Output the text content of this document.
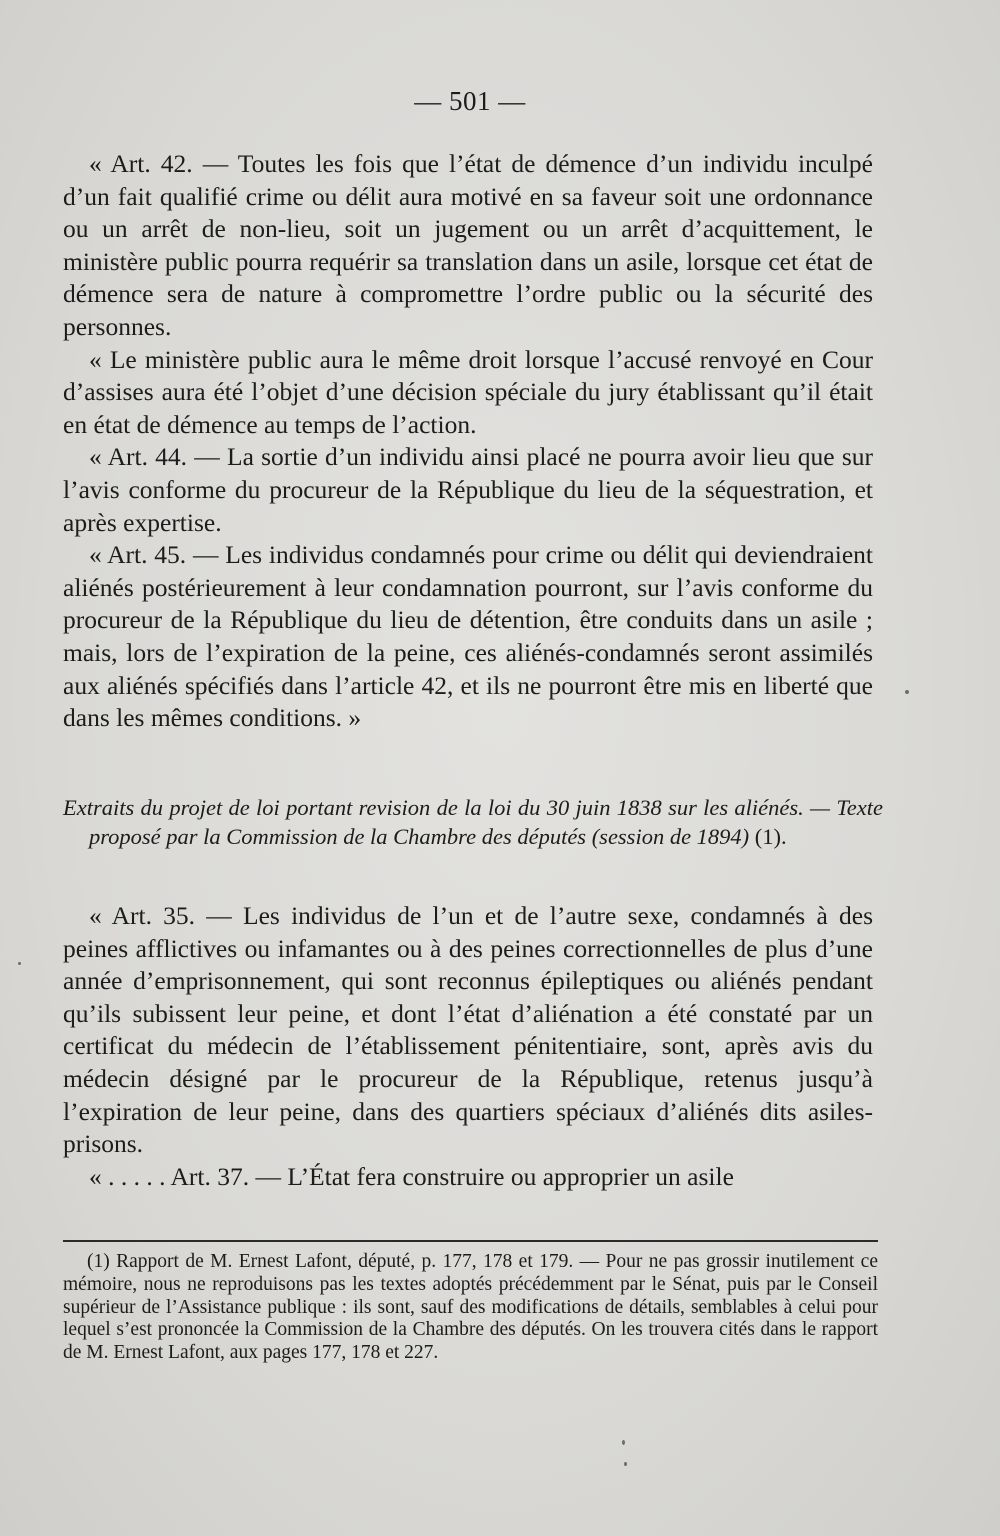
— 501 —

« Art. 42. — Toutes les fois que l’état de démence d’un individu inculpé d’un fait qualifié crime ou délit aura motivé en sa faveur soit une ordonnance ou un arrêt de non-lieu, soit un jugement ou un arrêt d’acquittement, le ministère public pourra requérir sa translation dans un asile, lorsque cet état de démence sera de nature à compromettre l’ordre public ou la sécurité des personnes.

« Le ministère public aura le même droit lorsque l’accusé renvoyé en Cour d’assises aura été l’objet d’une décision spéciale du jury établissant qu’il était en état de démence au temps de l’action.

« Art. 44. — La sortie d’un individu ainsi placé ne pourra avoir lieu que sur l’avis conforme du procureur de la République du lieu de la séquestration, et après expertise.

« Art. 45. — Les individus condamnés pour crime ou délit qui deviendraient aliénés postérieurement à leur condamnation pourront, sur l’avis conforme du procureur de la République du lieu de détention, être conduits dans un asile ; mais, lors de l’expiration de la peine, ces aliénés-condamnés seront assimilés aux aliénés spécifiés dans l’article 42, et ils ne pourront être mis en liberté que dans les mêmes conditions. »

Extraits du projet de loi portant revision de la loi du 30 juin 1838 sur les aliénés. — Texte proposé par la Commission de la Chambre des députés (session de 1894) (1).

« Art. 35. — Les individus de l’un et de l’autre sexe, condamnés à des peines afflictives ou infamantes ou à des peines correctionnelles de plus d’une année d’emprisonnement, qui sont reconnus épileptiques ou aliénés pendant qu’ils subissent leur peine, et dont l’état d’aliénation a été constaté par un certificat du médecin de l’établissement pénitentiaire, sont, après avis du médecin désigné par le procureur de la République, retenus jusqu’à l’expiration de leur peine, dans des quartiers spéciaux d’aliénés dits asiles-prisons.

« . . . . . Art. 37. — L’État fera construire ou approprier un asile

(1) Rapport de M. Ernest Lafont, député, p. 177, 178 et 179. — Pour ne pas grossir inutilement ce mémoire, nous ne reproduisons pas les textes adoptés précédemment par le Sénat, puis par le Conseil supérieur de l’Assistance publique : ils sont, sauf des modifications de détails, semblables à celui pour lequel s’est prononcée la Commission de la Chambre des députés. On les trouvera cités dans le rapport de M. Ernest Lafont, aux pages 177, 178 et 227.
